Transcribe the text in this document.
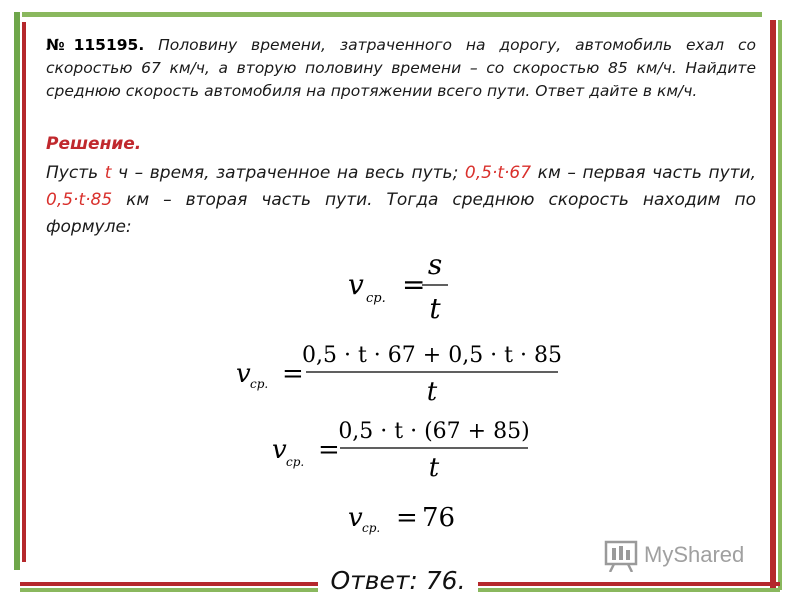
№115195. Половину времени, затраченного на дорогу, автомобиль ехал со скоростью 67 км/ч, а вторую половину времени – со скоростью 85 км/ч. Найдите среднюю скорость автомобиля на протяжении всего пути. Ответ дайте в км/ч.
Решение.
Пусть t ч – время, затраченное на весь путь; 0,5·t·67 км – первая часть пути, 0,5·t·85 км – вторая часть пути. Тогда среднюю скорость находим по формуле:
v ср. =
s
t
v ср. =
0,5 · t · 67 + 0,5 · t · 85
t
v ср. =
0,5 · t · (67 + 85)
t
v ср. = 76
MyShared
Ответ: 76.
